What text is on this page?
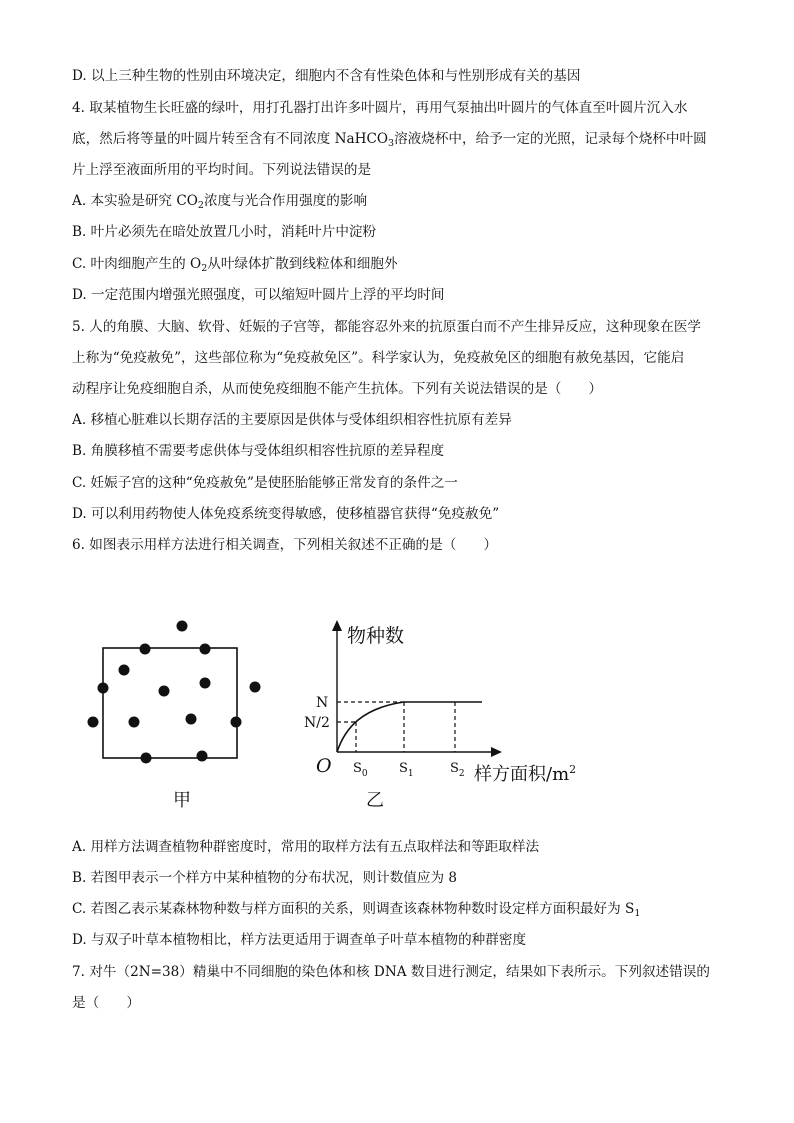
D. 以上三种生物的性别由环境决定，细胞内不含有性染色体和与性别形成有关的基因
4. 取某植物生长旺盛的绿叶，用打孔器打出许多叶圆片，再用气泵抽出叶圆片的气体直至叶圆片沉入水
底，然后将等量的叶圆片转至含有不同浓度 NaHCO$_3$溶液烧杯中，给予一定的光照，记录每个烧杯中叶圆
片上浮至液面所用的平均时间。下列说法错误的是
A. 本实验是研究 $CO_2$浓度与光合作用强度的影响
B. 叶片必须先在暗处放置几小时，消耗叶片中淀粉
C. 叶肉细胞产生的 $O_2$从叶绿体扩散到线粒体和细胞外
D. 一定范围内增强光照强度，可以缩短叶圆片上浮的平均时间
5. 人的角膜、大脑、软骨、妊娠的子宫等，都能容忍外来的抗原蛋白而不产生排异反应，这种现象在医学
上称为“免疫赦免”，这些部位称为“免疫赦免区”。科学家认为，免疫赦免区的细胞有赦免基因，它能启
动程序让免疫细胞自杀，从而使免疫细胞不能产生抗体。下列有关说法错误的是（　　）
A. 移植心脏难以长期存活的主要原因是供体与受体组织相容性抗原有差异
B. 角膜移植不需要考虑供体与受体组织相容性抗原的差异程度
C. 妊娠子宫的这种“免疫赦免”是使胚胎能够正常发育的条件之一
D. 可以利用药物使人体免疫系统变得敏感，使移植器官获得“免疫赦免”
6. 如图表示用样方法进行相关调查，下列相关叙述不正确的是（　　）
甲
物种数
N
N/2
O $S_0$ $S_1$	$S_2$ 样方面积$/m^2$
乙
A. 用样方法调查植物种群密度时，常用的取样方法有五点取样法和等距取样法
B. 若图甲表示一个样方中某种植物的分布状况，则计数值应为 8
C. 若图乙表示某森林物种数与样方面积的关系，则调查该森林物种数时设定样方面积最好为 $S_1$
D. 与双子叶草本植物相比，样方法更适用于调查单子叶草本植物的种群密度
7. 对牛（2N=38）精巢中不同细胞的染色体和核 DNA 数目进行测定，结果如下表所示。下列叙述错误的
是（　　）
